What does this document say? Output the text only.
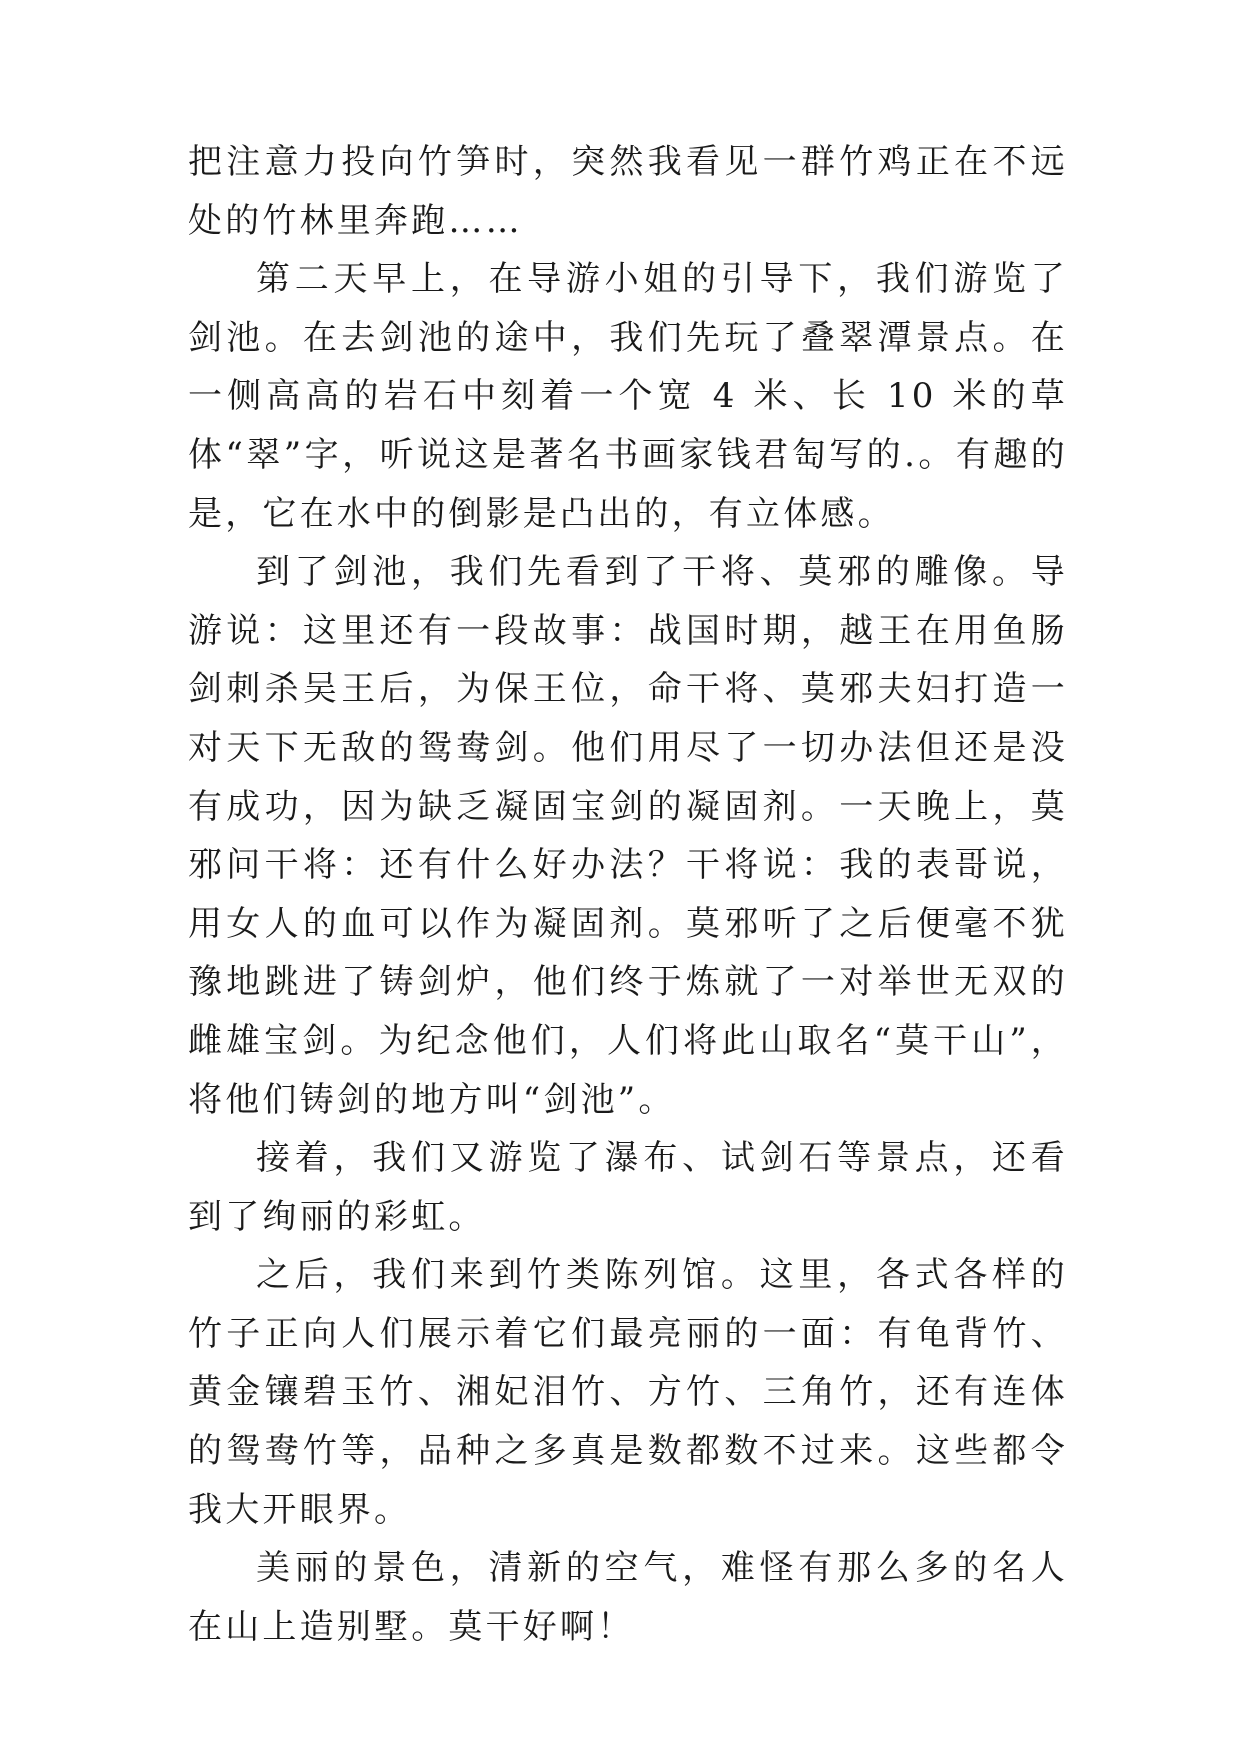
把注意力投向竹笋时，突然我看见一群竹鸡正在不远处的竹林里奔跑……

第二天早上，在导游小姐的引导下，我们游览了剑池。在去剑池的途中，我们先玩了叠翠潭景点。在一侧高高的岩石中刻着一个宽 4 米、长 10 米的草体“翠”字，听说这是著名书画家钱君匋写的.。有趣的是，它在水中的倒影是凸出的，有立体感。

到了剑池，我们先看到了干将、莫邪的雕像。导游说：这里还有一段故事：战国时期，越王在用鱼肠剑刺杀吴王后，为保王位，命干将、莫邪夫妇打造一对天下无敌的鸳鸯剑。他们用尽了一切办法但还是没有成功，因为缺乏凝固宝剑的凝固剂。一天晚上，莫邪问干将：还有什么好办法？干将说：我的表哥说，用女人的血可以作为凝固剂。莫邪听了之后便毫不犹豫地跳进了铸剑炉，他们终于炼就了一对举世无双的雌雄宝剑。为纪念他们，人们将此山取名“莫干山”，将他们铸剑的地方叫“剑池”。

接着，我们又游览了瀑布、试剑石等景点，还看到了绚丽的彩虹。

之后，我们来到竹类陈列馆。这里，各式各样的竹子正向人们展示着它们最亮丽的一面：有龟背竹、黄金镶碧玉竹、湘妃泪竹、方竹、三角竹，还有连体的鸳鸯竹等，品种之多真是数都数不过来。这些都令我大开眼界。

美丽的景色，清新的空气，难怪有那么多的名人在山上造别墅。莫干好啊！
